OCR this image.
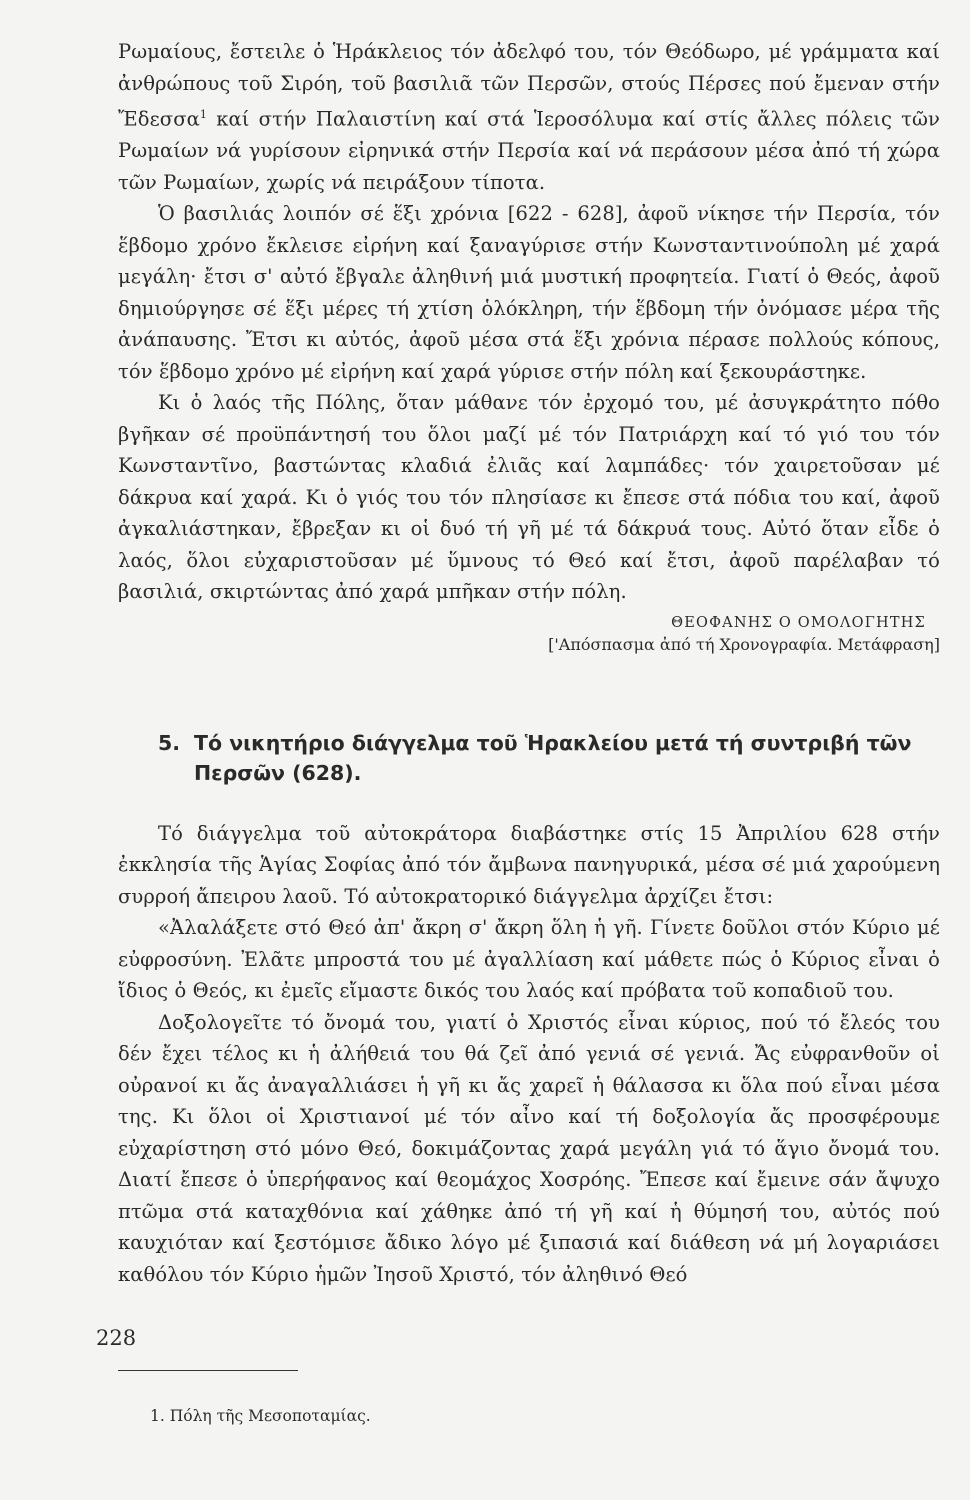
Ρωμαίους, ἔστειλε ὁ Ἡράκλειος τόν ἀδελφό του, τόν Θεόδωρο, μέ γράμματα καί ἀνθρώπους τοῦ Σιρόη, τοῦ βασιλιᾶ τῶν Περσῶν, στούς Πέρσες πού ἔμεναν στήν Ἔδεσσα$^1$ καί στήν Παλαιστίνη καί στά Ἱεροσόλυμα καί στίς ἄλλες πόλεις τῶν Ρωμαίων νά γυρίσουν εἰρηνικά στήν Περσία καί νά περάσουν μέσα ἀπό τή χώρα τῶν Ρωμαίων, χωρίς νά πειράξουν τίποτα.

Ὁ βασιλιάς λοιπόν σέ ἕξι χρόνια [622 - 628], ἀφοῦ νίκησε τήν Περσία, τόν ἕβδομο χρόνο ἔκλεισε εἰρήνη καί ξαναγύρισε στήν Κωνσταντινούπολη μέ χαρά μεγάλη· ἔτσι σ' αὐτό ἔβγαλε ἀληθινή μιά μυστική προφητεία. Γιατί ὁ Θεός, ἀφοῦ δημιούργησε σέ ἕξι μέρες τή χτίση ὁλόκληρη, τήν ἕβδομη τήν ὀνόμασε μέρα τῆς ἀνάπαυσης. Ἔτσι κι αὐτός, ἀφοῦ μέσα στά ἕξι χρόνια πέρασε πολλούς κόπους, τόν ἕβδομο χρόνο μέ εἰρήνη καί χαρά γύρισε στήν πόλη καί ξεκουράστηκε.

Κι ὁ λαός τῆς Πόλης, ὅταν μάθανε τόν ἐρχομό του, μέ ἀσυγκράτητο πόθο βγῆκαν σέ προϋπάντησή του ὅλοι μαζί μέ τόν Πατριάρχη καί τό γιό του τόν Κωνσταντῖνο, βαστώντας κλαδιά ἐλιᾶς καί λαμπάδες· τόν χαιρετοῦσαν μέ δάκρυα καί χαρά. Κι ὁ γιός του τόν πλησίασε κι ἔπεσε στά πόδια του καί, ἀφοῦ ἀγκαλιάστηκαν, ἔβρεξαν κι οἱ δυό τή γῆ μέ τά δάκρυά τους. Αὐτό ὅταν εἶδε ὁ λαός, ὅλοι εὐχαριστοῦσαν μέ ὕμνους τό Θεό καί ἔτσι, ἀφοῦ παρέλαβαν τό βασιλιά, σκιρτώντας ἀπό χαρά μπῆκαν στήν πόλη.

ΘΕΟΦΑΝΗΣ Ο ΟΜΟΛΟΓΗΤΗΣ
['Απόσπασμα ἀπό τή Χρονογραφία. Μετάφραση]
5. Τό νικητήριο διάγγελμα τοῦ Ἡρακλείου μετά τή συντριβή τῶν Περσῶν (628).

Τό διάγγελμα τοῦ αὐτοκράτορα διαβάστηκε στίς 15 Ἀπριλίου 628 στήν ἐκκλησία τῆς Ἁγίας Σοφίας ἀπό τόν ἄμβωνα πανηγυρικά, μέσα σέ μιά χαρούμενη συρροή ἄπειρου λαοῦ. Τό αὐτοκρατορικό διάγγελμα ἀρχίζει ἔτσι:

«Ἀλαλάξετε στό Θεό ἀπ' ἄκρη σ' ἄκρη ὅλη ἡ γῆ. Γίνετε δοῦλοι στόν Κύριο μέ εὐφροσύνη. Ἐλᾶτε μπροστά του μέ ἀγαλλίαση καί μάθετε πώς ὁ Κύριος εἶναι ὁ ἴδιος ὁ Θεός, κι ἐμεῖς εἴμαστε δικός του λαός καί πρόβατα τοῦ κοπαδιοῦ του.

Δοξολογεῖτε τό ὄνομά του, γιατί ὁ Χριστός εἶναι κύριος, πού τό ἔλεός του δέν ἔχει τέλος κι ἡ ἀλήθειά του θά ζεῖ ἀπό γενιά σέ γενιά. Ἄς εὐφρανθοῦν οἱ οὐρανοί κι ἄς ἀναγαλλιάσει ἡ γῆ κι ἄς χαρεῖ ἡ θάλασσα κι ὅλα πού εἶναι μέσα της. Κι ὅλοι οἱ Χριστιανοί μέ τόν αἶνο καί τή δοξολογία ἄς προσφέρουμε εὐχαρίστηση στό μόνο Θεό, δοκιμάζοντας χαρά μεγάλη γιά τό ἅγιο ὄνομά του. Διατί ἔπεσε ὁ ὑπερήφανος καί θεομάχος Χοσρόης. Ἔπεσε καί ἔμεινε σάν ἄψυχο πτῶμα στά καταχθόνια καί χάθηκε ἀπό τή γῆ καί ἡ θύμησή του, αὐτός πού καυχιόταν καί ξεστόμισε ἄδικο λόγο μέ ξιπασιά καί διάθεση νά μή λογαριάσει καθόλου τόν Κύριο ἡμῶν Ἰησοῦ Χριστό, τόν ἀληθινό Θεό

1. Πόλη τῆς Μεσοποταμίας.
228
